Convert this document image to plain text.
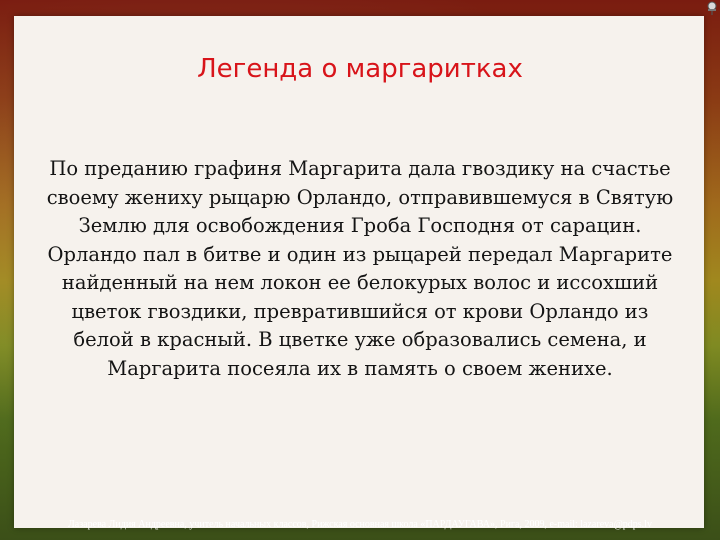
Легенда о маргаритках
По преданию графиня Маргарита дала гвоздику на счастье своему жениху рыцарю Орландо, отправившемуся в Святую Землю для освобождения Гроба Господня от сарацин. Орландо пал в битве и один из рыцарей передал Маргарите найденный на нем локон ее белокурых волос и иссохший цветок гвоздики, превратившийся от крови Орландо из белой в красный. В цветке уже образовались семена, и Маргарита посеяла их в память о своем женихе.
Лазарева Лидия Андреевна, учитель начальных классов, Рижская основная школа «ПАРДАУГАВА», Рига, 2009, e-mail: lazareva@pdps.lv
